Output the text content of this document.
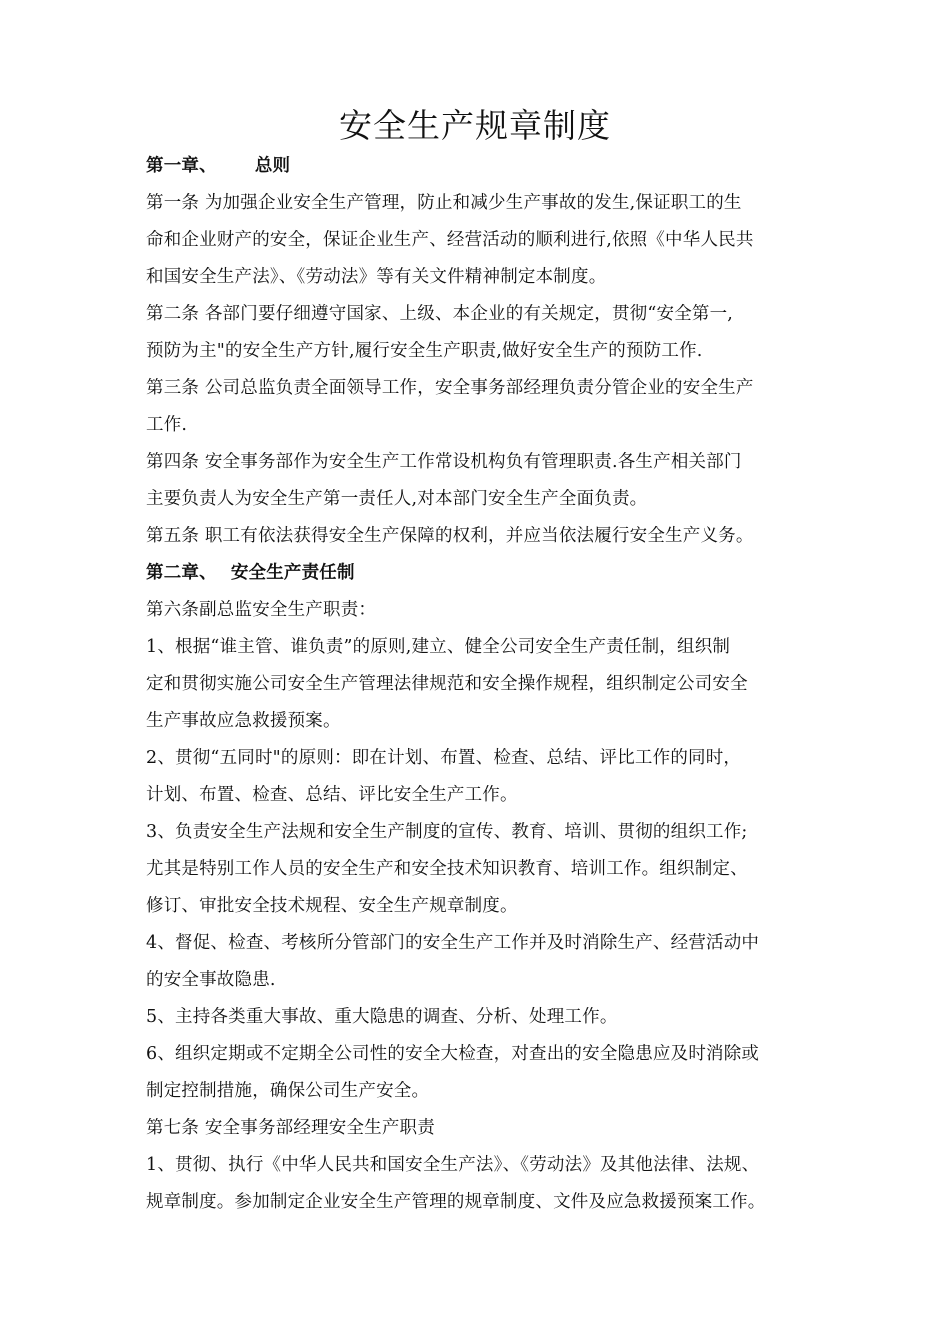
安全生产规章制度
第一章、 总则
第一条 为加强企业安全生产管理，防止和减少生产事故的发生,保证职工的生
命和企业财产的安全，保证企业生产、经营活动的顺利进行,依照《中华人民共
和国安全生产法》、《劳动法》等有关文件精神制定本制度。
第二条 各部门要仔细遵守国家、上级、本企业的有关规定，贯彻“安全第一,
预防为主"的安全生产方针,履行安全生产职责,做好安全生产的预防工作.
第三条 公司总监负责全面领导工作，安全事务部经理负责分管企业的安全生产
工作.
第四条 安全事务部作为安全生产工作常设机构负有管理职责.各生产相关部门
主要负责人为安全生产第一责任人,对本部门安全生产全面负责。
第五条 职工有依法获得安全生产保障的权利，并应当依法履行安全生产义务。
第二章、 安全生产责任制
第六条副总监安全生产职责：
1、根据“谁主管、谁负责”的原则,建立、健全公司安全生产责任制，组织制
定和贯彻实施公司安全生产管理法律规范和安全操作规程，组织制定公司安全
生产事故应急救援预案。
2、贯彻“五同时"的原则：即在计划、布置、检查、总结、评比工作的同时，
计划、布置、检查、总结、评比安全生产工作。
3、负责安全生产法规和安全生产制度的宣传、教育、培训、贯彻的组织工作;
尤其是特别工作人员的安全生产和安全技术知识教育、培训工作。组织制定、
修订、审批安全技术规程、安全生产规章制度。
4、督促、检查、考核所分管部门的安全生产工作并及时消除生产、经营活动中
的安全事故隐患.
5、主持各类重大事故、重大隐患的调查、分析、处理工作。
6、组织定期或不定期全公司性的安全大检查，对查出的安全隐患应及时消除或
制定控制措施，确保公司生产安全。
第七条 安全事务部经理安全生产职责
1、贯彻、执行《中华人民共和国安全生产法》、《劳动法》及其他法律、法规、
规章制度。参加制定企业安全生产管理的规章制度、文件及应急救援预案工作。
